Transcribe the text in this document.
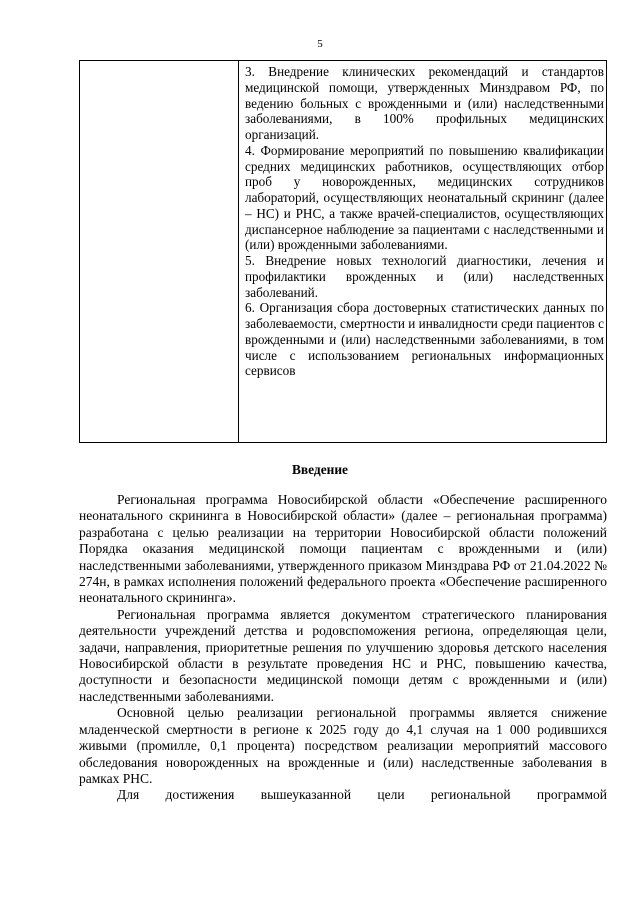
5

3. Внедрение клинических рекомендаций и стандартов медицинской помощи, утвержденных Минздравом РФ, по ведению больных с врожденными и (или) наследственными заболеваниями, в 100% профильных медицинских организаций.

4. Формирование мероприятий по повышению квалификации средних медицинских работников, осуществляющих отбор проб у новорожденных, медицинских сотрудников лабораторий, осуществляющих неонатальный скрининг (далее – НС) и РНС, а также врачей-специалистов, осуществляющих диспансерное наблюдение за пациентами с наследственными и (или) врожденными заболеваниями.

5. Внедрение новых технологий диагностики, лечения и профилактики врожденных и (или) наследственных заболеваний.

6. Организация сбора достоверных статистических данных по заболеваемости, смертности и инвалидности среди пациентов с врожденными и (или) наследственными заболеваниями, в том числе с использованием региональных информационных сервисов

Введение

Региональная программа Новосибирской области «Обеспечение расширенного неонатального скрининга в Новосибирской области» (далее – региональная программа) разработана с целью реализации на территории Новосибирской области положений Порядка оказания медицинской помощи пациентам с врожденными и (или) наследственными заболеваниями, утвержденного приказом Минздрава РФ от 21.04.2022 № 274н, в рамках исполнения положений федерального проекта «Обеспечение расширенного неонатального скрининга».

Региональная программа является документом стратегического планирования деятельности учреждений детства и родовспоможения региона, определяющая цели, задачи, направления, приоритетные решения по улучшению здоровья детского населения Новосибирской области в результате проведения НС и РНС, повышению качества, доступности и безопасности медицинской помощи детям с врожденными и (или) наследственными заболеваниями.

Основной целью реализации региональной программы является снижение младенческой смертности в регионе к 2025 году до 4,1 случая на 1 000 родившихся живыми (промилле, 0,1 процента) посредством реализации мероприятий массового обследования новорожденных на врожденные и (или) наследственные заболевания в рамках РНС.

Для достижения вышеуказанной цели региональной программой
